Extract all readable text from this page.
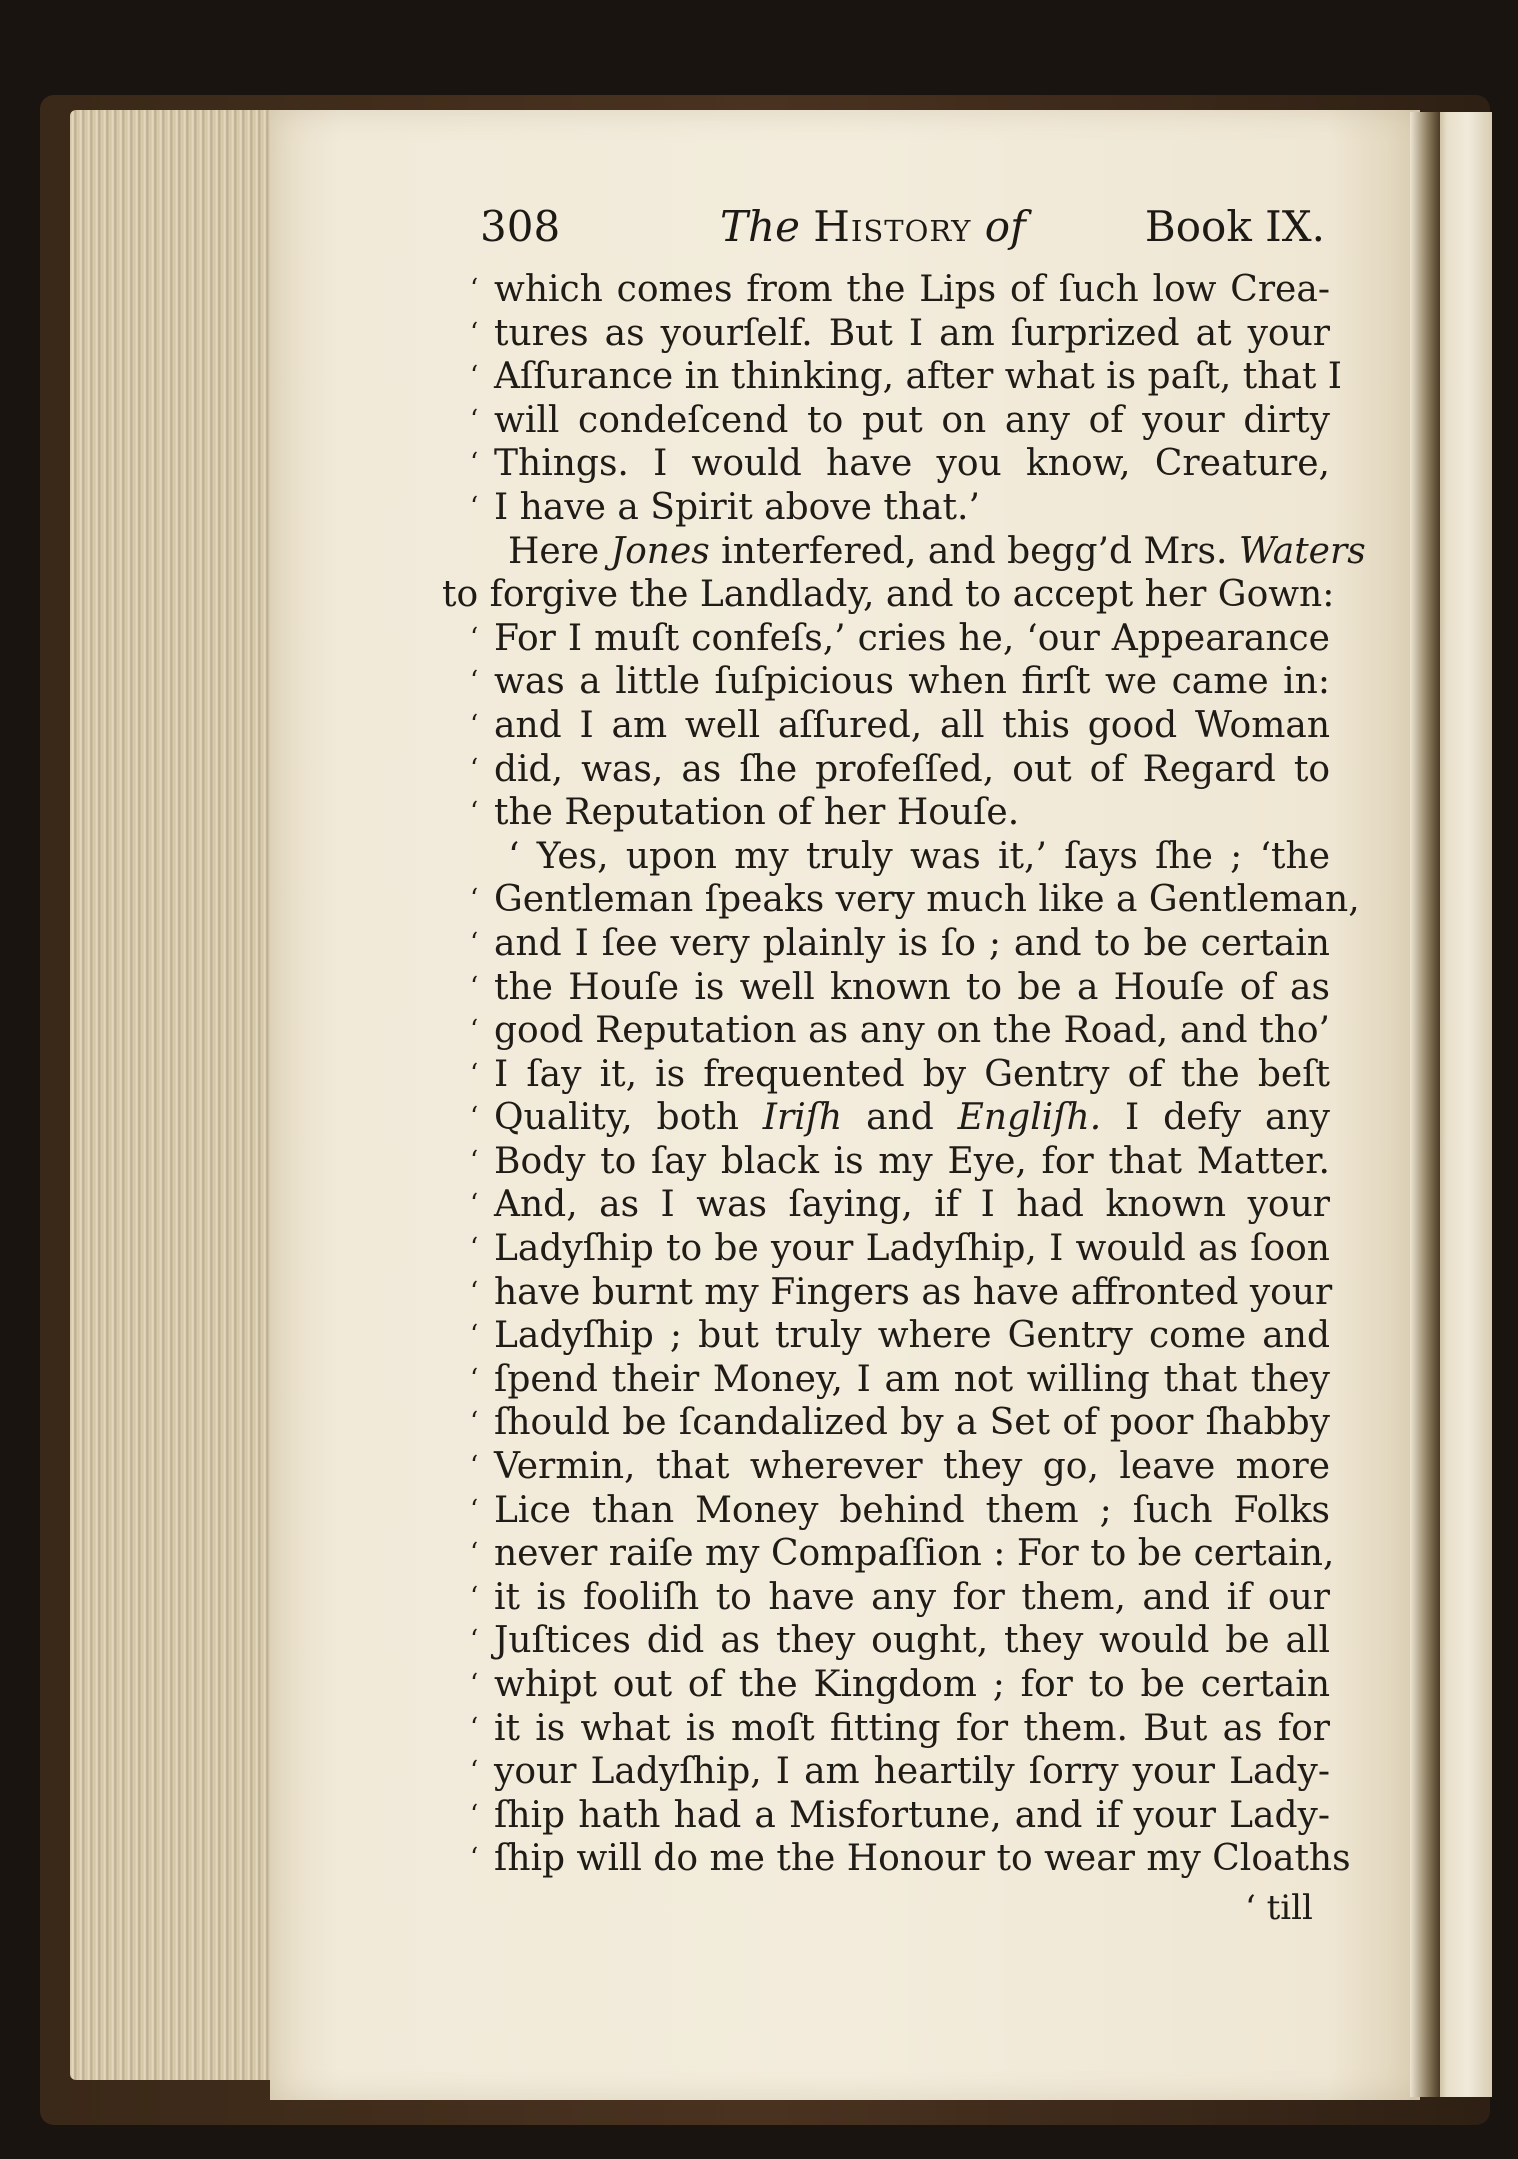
308	The History of	Book IX.
‘ which comes from the Lips of ſuch low Crea-
‘ tures as yourſelf. But I am ſurprized at your
‘ Aſſurance in thinking, after what is paſt, that I
‘ will condeſcend to put on any of your dirty
‘ Things. I would have you know, Creature,
‘ I have a Spirit above that.’
Here Jones interfered, and begg’d Mrs. Waters
to forgive the Landlady, and to accept her Gown:
‘ For I muſt confeſs,’ cries he, ‘our Appearance
‘ was a little ſuſpicious when firſt we came in:
‘ and I am well aſſured, all this good Woman
‘ did, was, as ſhe profeſſed, out of Regard to
‘ the Reputation of her Houſe.
‘ Yes, upon my truly was it,’ ſays ſhe ; ‘the
‘ Gentleman ſpeaks very much like a Gentleman,
‘ and I ſee very plainly is ſo ; and to be certain
‘ the Houſe is well known to be a Houſe of as
‘ good Reputation as any on the Road, and tho’
‘ I ſay it, is frequented by Gentry of the beſt
‘ Quality, both Iriſh and Engliſh. I defy any
‘ Body to ſay black is my Eye, for that Matter.
‘ And, as I was ſaying, if I had known your
‘ Ladyſhip to be your Ladyſhip, I would as ſoon
‘ have burnt my Fingers as have affronted your
‘ Ladyſhip ; but truly where Gentry come and
‘ ſpend their Money, I am not willing that they
‘ ſhould be ſcandalized by a Set of poor ſhabby
‘ Vermin, that wherever they go, leave more
‘ Lice than Money behind them ; ſuch Folks
‘ never raiſe my Compaſſion : For to be certain,
‘ it is fooliſh to have any for them, and if our
‘ Juſtices did as they ought, they would be all
‘ whipt out of the Kingdom ; for to be certain
‘ it is what is moſt fitting for them. But as for
‘ your Ladyſhip, I am heartily ſorry your Lady-
‘ ſhip hath had a Misfortune, and if your Lady-
‘ ſhip will do me the Honour to wear my Cloaths
‘ till
